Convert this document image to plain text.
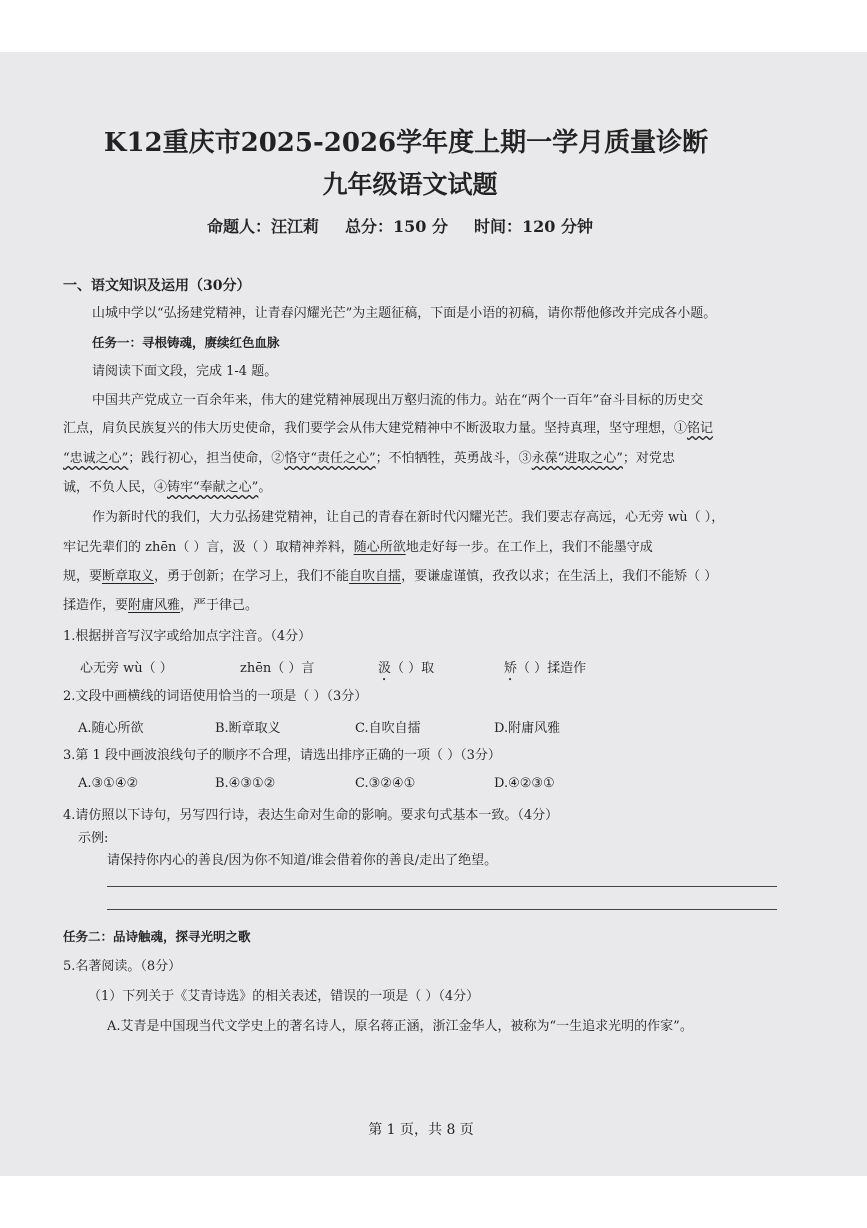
K12重庆市2025-2026学年度上期一学月质量诊断
九年级语文试题
命题人：汪江莉 总分：150 分 时间：120 分钟
一、语文知识及运用（30分）
山城中学以“弘扬建党精神，让青春闪耀光芒”为主题征稿，下面是小语的初稿，请你帮他修改并完成各小题。
任务一：寻根铸魂，赓续红色血脉
请阅读下面文段，完成 1-4 题。
中国共产党成立一百余年来，伟大的建党精神展现出万壑归流的伟力。站在“两个一百年”奋斗目标的历史交
汇点，肩负民族复兴的伟大历史使命，我们要学会从伟大建党精神中不断汲取力量。坚持真理，坚守理想，①铭记
“忠诚之心”；践行初心，担当使命，②恪守“责任之心”；不怕牺牲，英勇战斗，③永葆“进取之心”；对党忠
诚，不负人民，④铸牢“奉献之心”。
作为新时代的我们，大力弘扬建党精神，让自己的青春在新时代闪耀光芒。我们要志存高远，心无旁 wù（ ），
牢记先辈们的 zhēn（ ）言，汲（ ）取精神养料，随心所欲地走好每一步。在工作上，我们不能墨守成
规，要断章取义，勇于创新；在学习上，我们不能自吹自擂，要谦虚谨慎，孜孜以求；在生活上，我们不能矫（ ）
揉造作，要附庸风雅，严于律己。
1.根据拼音写汉字或给加点字注音。（4分）
心无旁 wù（ ）	zhēn（ ）言	汲（ ）取	矫（ ）揉造作
2.文段中画横线的词语使用恰当的一项是（ ）（3分）
A.随心所欲	B.断章取义	C.自吹自擂	D.附庸风雅
3.第 1 段中画波浪线句子的顺序不合理，请选出排序正确的一项（ ）（3分）
A.③①④②	B.④③①②	C.③②④①	D.④②③①
4.请仿照以下诗句，另写四行诗，表达生命对生命的影响。要求句式基本一致。（4分）
示例:
请保持你内心的善良/因为你不知道/谁会借着你的善良/走出了绝望。
任务二：品诗触魂，探寻光明之歌
5.名著阅读。（8分）
（1）下列关于《艾青诗选》的相关表述，错误的一项是（ ）（4分）
A.艾青是中国现当代文学史上的著名诗人，原名蒋正涵，浙江金华人，被称为“一生追求光明的作家”。
第 1 页，共 8 页
